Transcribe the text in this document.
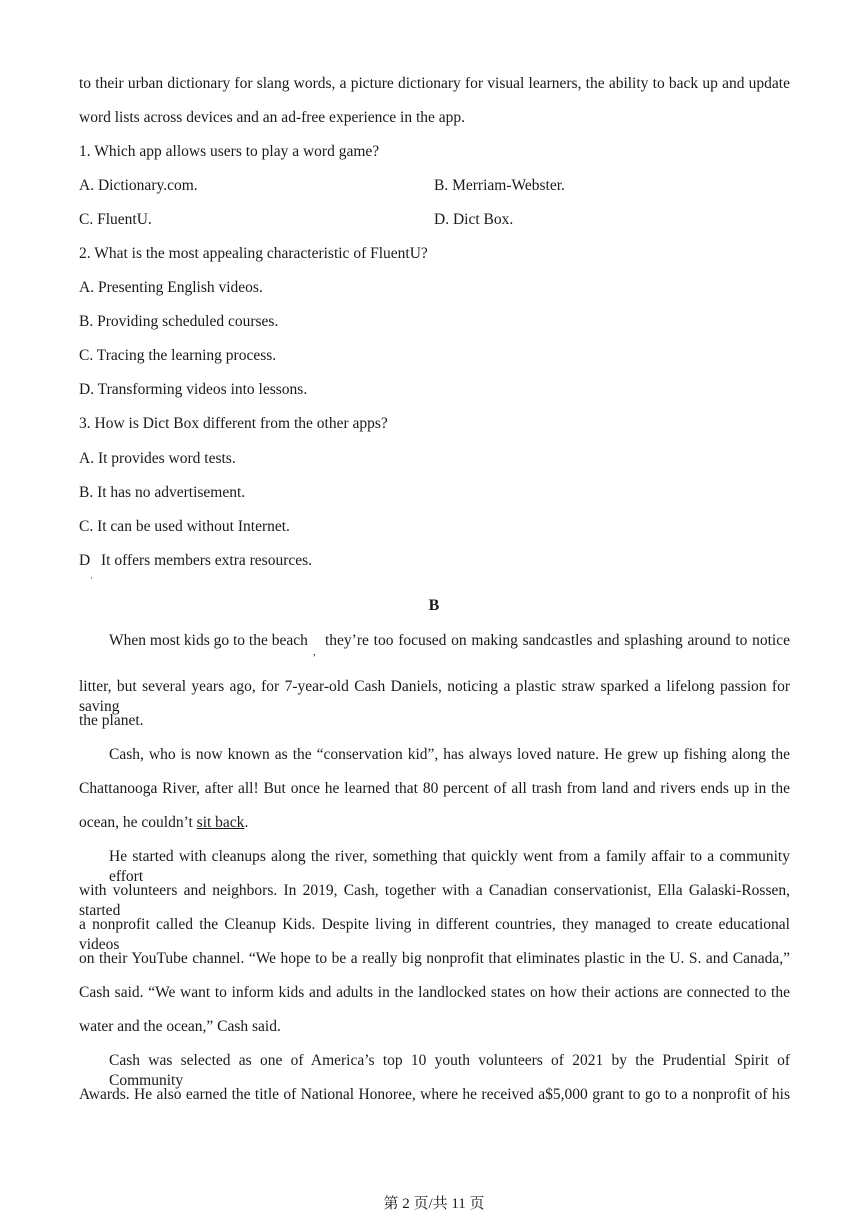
to their urban dictionary for slang words, a picture dictionary for visual learners, the ability to back up and update
word lists across devices and an ad-free experience in the app.
1. Which app allows users to play a word game?
A. Dictionary.com.	B. Merriam-Webster.
C. FluentU.	D. Dict Box.
2. What is the most appealing characteristic of FluentU?
A. Presenting English videos.
B. Providing scheduled courses.
C. Tracing the learning process.
D. Transforming videos into lessons.
3. How is Dict Box different from the other apps?
A. It provides word tests.
B. It has no advertisement.
C. It can be used without Internet.
D It offers members extra resources.
·
B
When most kids go to the beach
,
they’re too focused on making sandcastles and splashing around to notice
litter, but several years ago, for 7-year-old Cash Daniels, noticing a plastic straw sparked a lifelong passion for saving
the planet.
Cash, who is now known as the “conservation kid”, has always loved nature. He grew up fishing along the
Chattanooga River, after all! But once he learned that 80 percent of all trash from land and rivers ends up in the
ocean, he couldn’t sit back.
He started with cleanups along the river, something that quickly went from a family affair to a community effort
with volunteers and neighbors. In 2019, Cash, together with a Canadian conservationist, Ella Galaski-Rossen, started
a nonprofit called the Cleanup Kids. Despite living in different countries, they managed to create educational videos
on their YouTube channel. “We hope to be a really big nonprofit that eliminates plastic in the U. S. and Canada,”
Cash said. “We want to inform kids and adults in the landlocked states on how their actions are connected to the
water and the ocean,” Cash said.
Cash was selected as one of America’s top 10 youth volunteers of 2021 by the Prudential Spirit of Community
Awards. He also earned the title of National Honoree, where he received a$5,000 grant to go to a nonprofit of his
第 2 页/共 11 页
